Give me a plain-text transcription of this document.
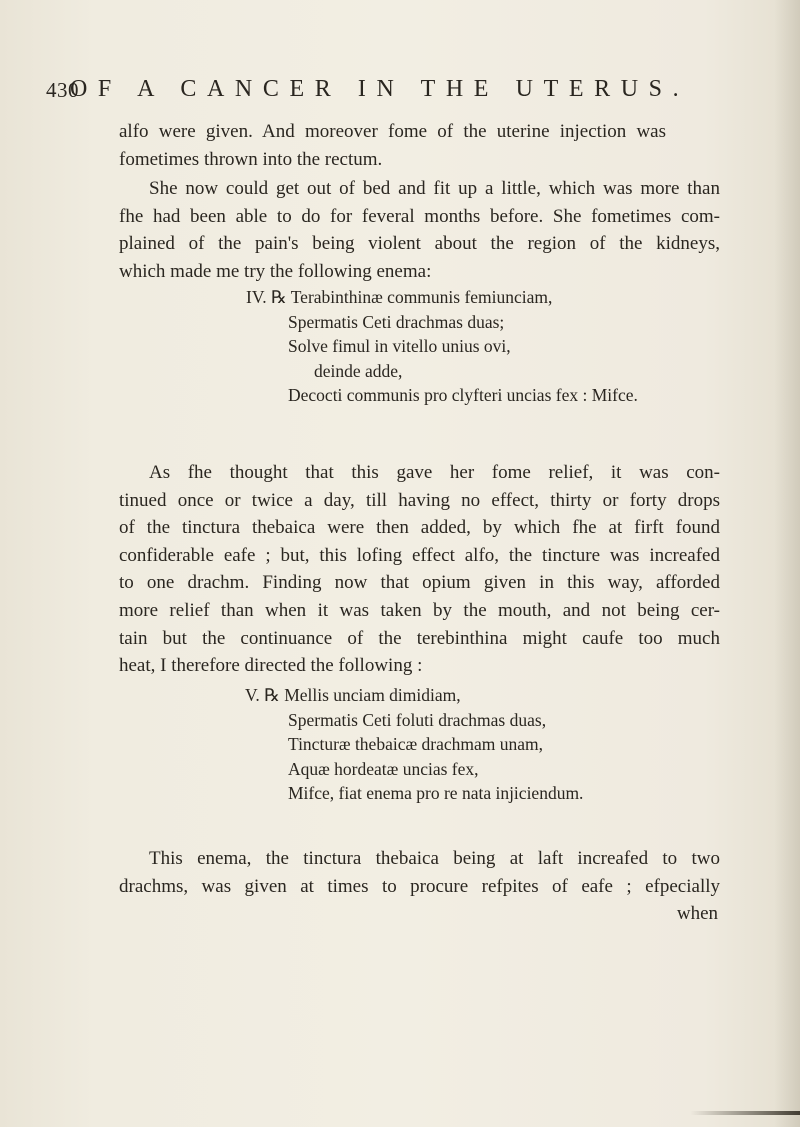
430
OF A CANCER IN THE UTERUS.

alfo were given. And moreover fome of the uterine injection was
fometimes thrown into the rectum.

She now could get out of bed and fit up a little, which was more than
fhe had been able to do for feveral months before. She fometimes com-
plained of the pain's being violent about the region of the kidneys,
which made me try the following enema:

IV. ℞ Terabinthinæ communis femiunciam,
Spermatis Ceti drachmas duas;
Solve fimul in vitello unius ovi,
deinde adde,
Decocti communis pro clyfteri uncias fex : Mifce.

As fhe thought that this gave her fome relief, it was con-
tinued once or twice a day, till having no effect, thirty or forty drops
of the tinctura thebaica were then added, by which fhe at firft found
confiderable eafe ; but, this lofing effect alfo, the tincture was increafed
to one drachm. Finding now that opium given in this way, afforded
more relief than when it was taken by the mouth, and not being cer-
tain but the continuance of the terebinthina might caufe too much
heat, I therefore directed the following :

V. ℞ Mellis unciam dimidiam,
Spermatis Ceti foluti drachmas duas,
Tincturæ thebaicæ drachmam unam,
Aquæ hordeatæ uncias fex,
Mifce, fiat enema pro re nata injiciendum.

This enema, the tinctura thebaica being at laft increafed to two
drachms, was given at times to procure refpites of eafe ; efpecially
when
